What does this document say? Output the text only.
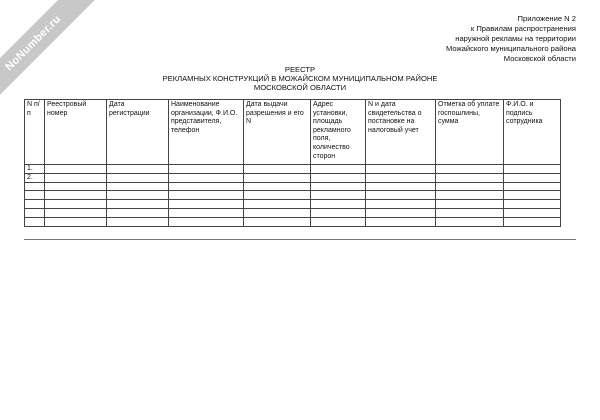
NoNumber.ru	Приложение N 2
к Правилам распространения
наружной рекламы на территории
Можайского муниципального района
Московской области
РЕЕСТР
РЕКЛАМНЫХ КОНСТРУКЦИЙ В МОЖАЙСКОМ МУНИЦИПАЛЬНОМ РАЙОНЕ
МОСКОВСКОЙ ОБЛАСТИ
N п/п	Реестровый номер	Дата регистрации	Наименование организации, Ф.И.О. представителя, телефон	Дата выдачи разрешения и его N	Адрес установки, площадь рекламного поля, количество сторон	N и дата свидетельства о постановке на налоговый учет	Отметка об уплате госпошлины, сумма	Ф.И.О. и подпись сотрудника
1.								
2.								
